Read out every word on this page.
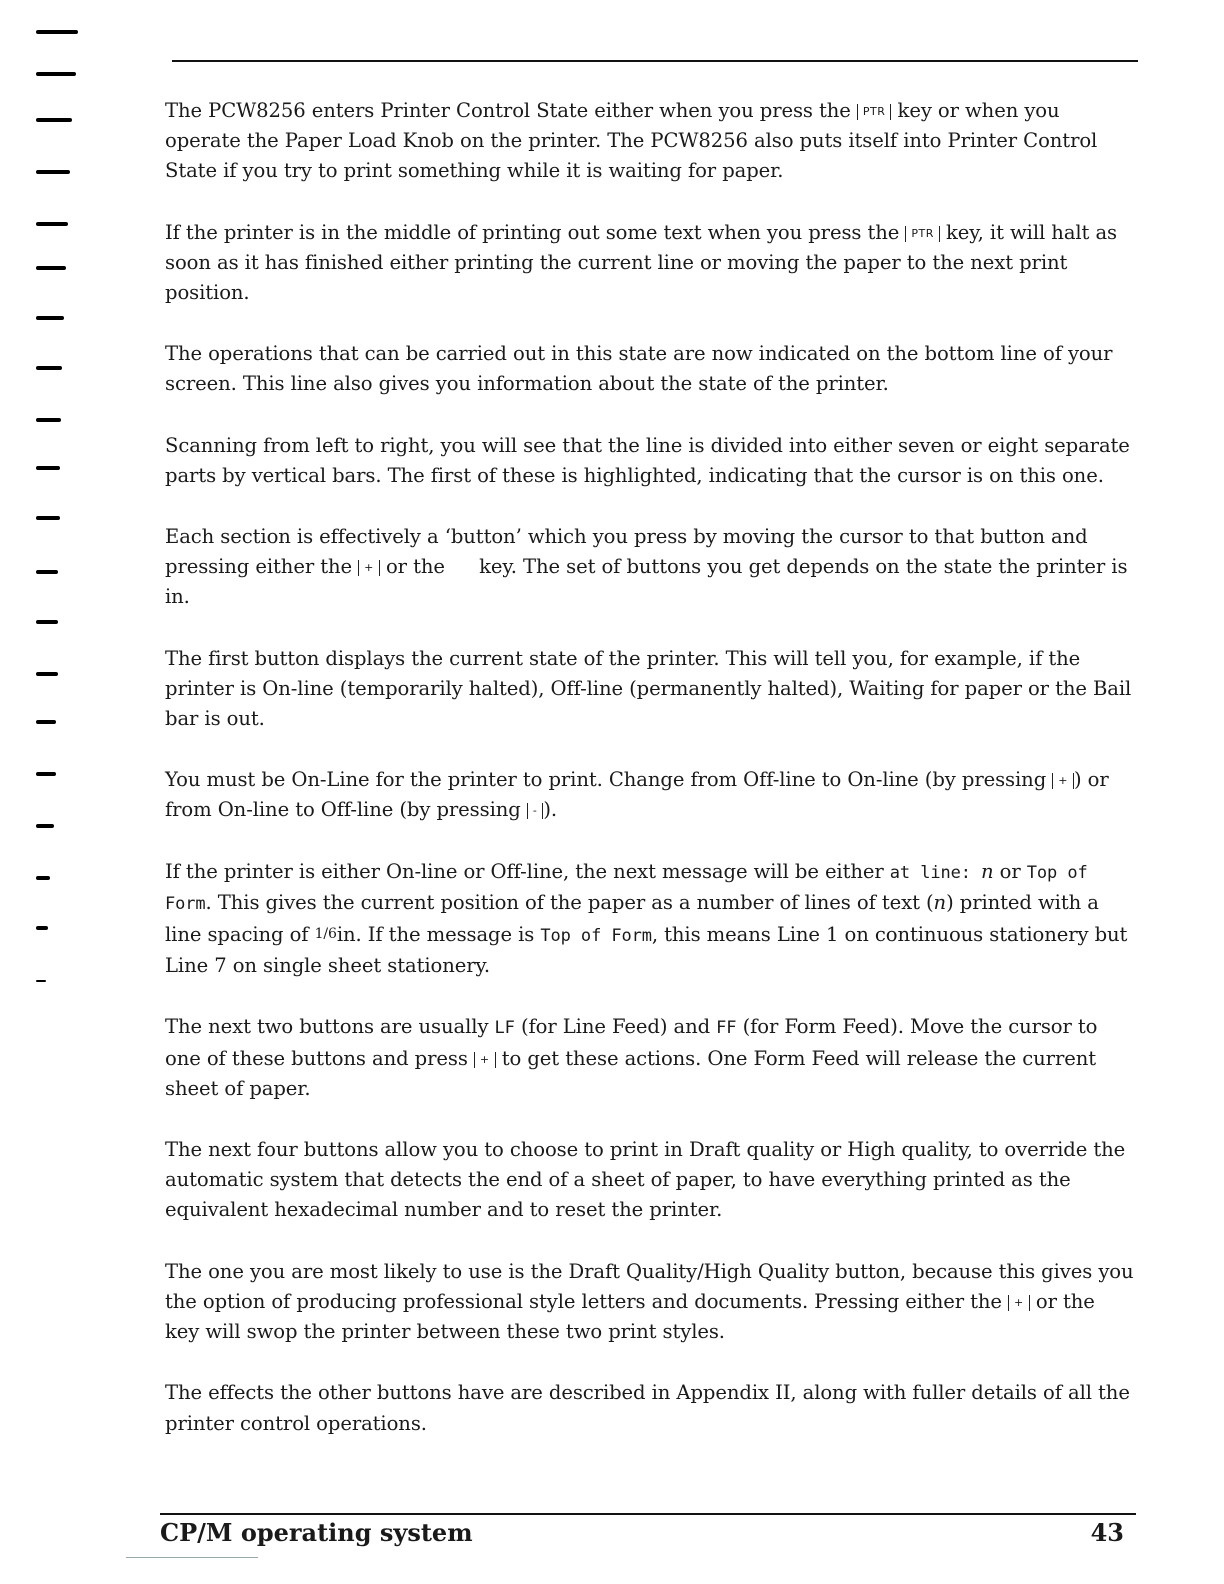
The PCW8256 enters Printer Control State either when you press the PTR key or when you operate the Paper Load Knob on the printer. The PCW8256 also puts itself into Printer Control State if you try to print something while it is waiting for paper.

If the printer is in the middle of printing out some text when you press the PTR key, it will halt as soon as it has finished either printing the current line or moving the paper to the next print position.

The operations that can be carried out in this state are now indicated on the bottom line of your screen. This line also gives you information about the state of the printer.

Scanning from left to right, you will see that the line is divided into either seven or eight separate parts by vertical bars. The first of these is highlighted, indicating that the cursor is on this one.

Each section is effectively a ‘button’ which you press by moving the cursor to that button and pressing either the + or the  key. The set of buttons you get depends on the state the printer is in.

The first button displays the current state of the printer. This will tell you, for example, if the printer is On-line (temporarily halted), Off-line (permanently halted), Waiting for paper or the Bail bar is out.

You must be On-Line for the printer to print. Change from Off-line to On-line (by pressing + ) or from On-line to Off-line (by pressing - ).

If the printer is either On-line or Off-line, the next message will be either at line: n or Top of Form. This gives the current position of the paper as a number of lines of text (n) printed with a line spacing of 1/6in. If the message is Top of Form, this means Line 1 on continuous stationery but Line 7 on single sheet stationery.

The next two buttons are usually LF (for Line Feed) and FF (for Form Feed). Move the cursor to one of these buttons and press + to get these actions. One Form Feed will release the current sheet of paper.

The next four buttons allow you to choose to print in Draft quality or High quality, to override the automatic system that detects the end of a sheet of paper, to have everything printed as the equivalent hexadecimal number and to reset the printer.

The one you are most likely to use is the Draft Quality/High Quality button, because this gives you the option of producing professional style letters and documents. Pressing either the + or the  key will swop the printer between these two print styles.

The effects the other buttons have are described in Appendix II, along with fuller details of all the printer control operations.

CP/M operating system	43
